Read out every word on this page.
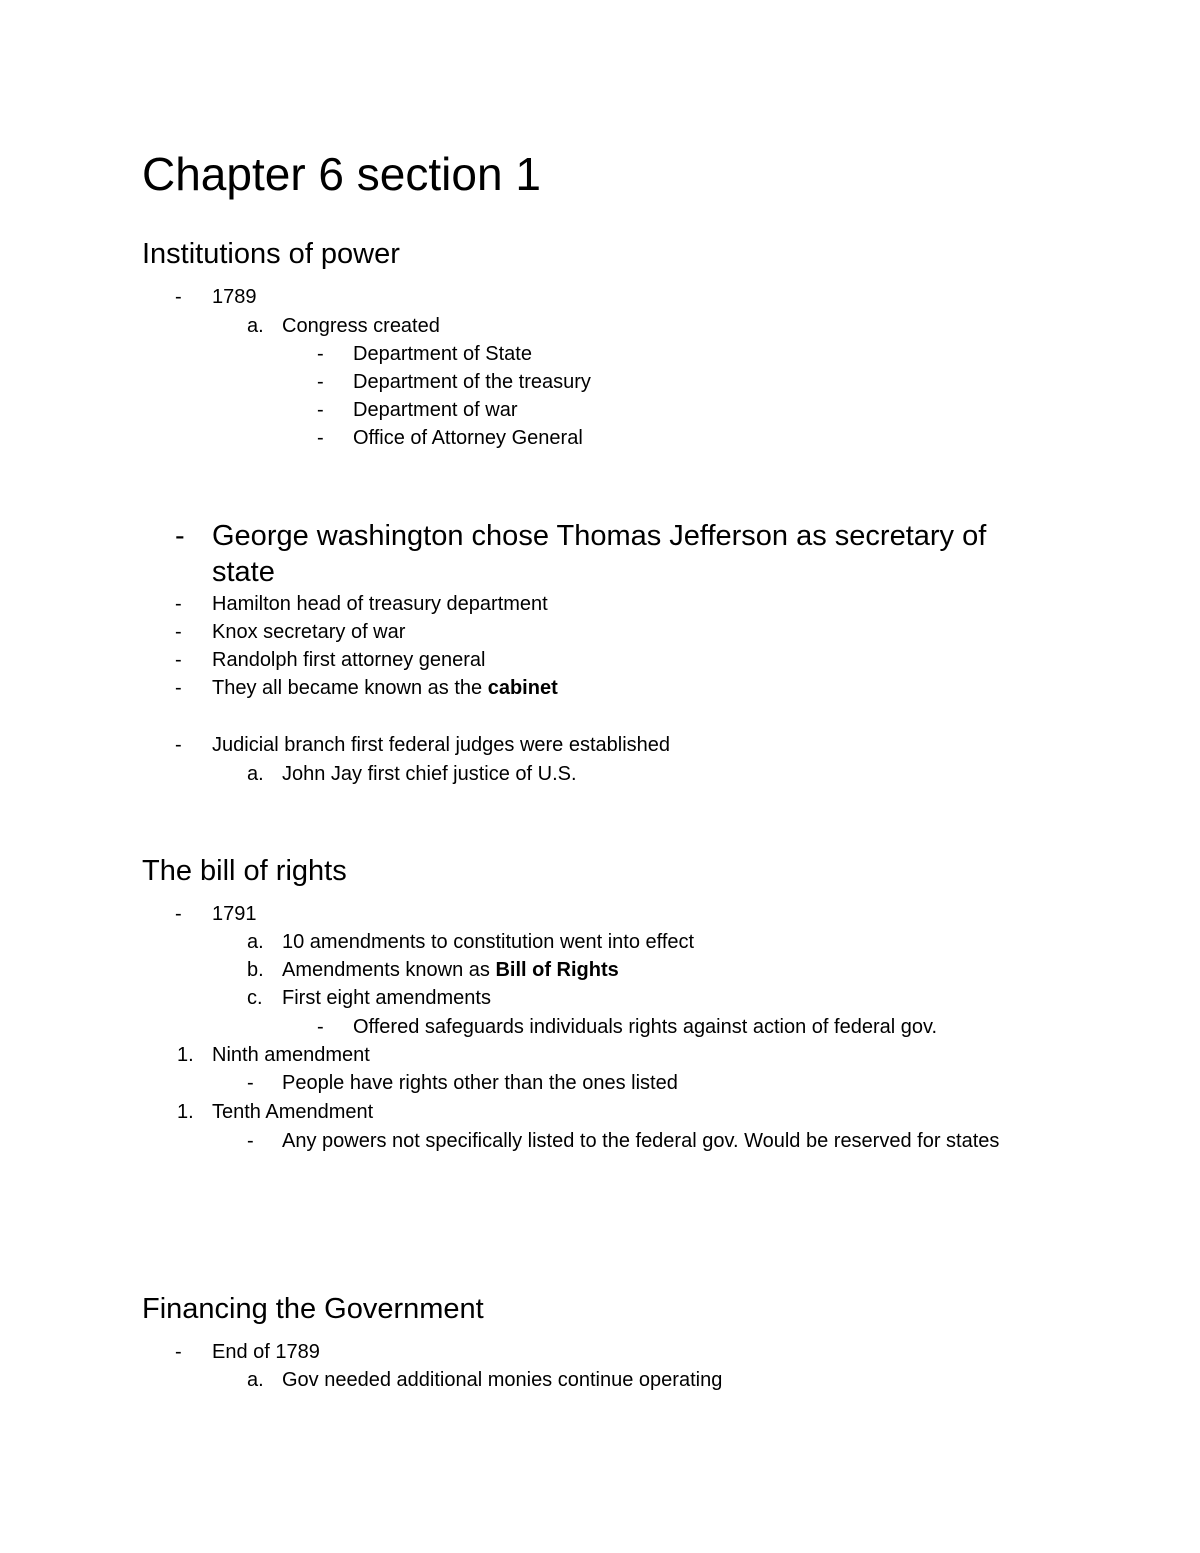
Chapter 6 section 1
Institutions of power
- 1789
a. Congress created
- Department of State
- Department of the treasury
- Department of war
- Office of Attorney General
- George washington chose Thomas Jefferson as secretary of
state
- Hamilton head of treasury department
- Knox secretary of war
- Randolph first attorney general
- They all became known as the cabinet
- Judicial branch first federal judges were established
a. John Jay first chief justice of U.S.
The bill of rights
- 1791
a. 10 amendments to constitution went into effect
b. Amendments known as Bill of Rights
c. First eight amendments
- Offered safeguards individuals rights against action of federal gov.
1. Ninth amendment
- People have rights other than the ones listed
1. Tenth Amendment
- Any powers not specifically listed to the federal gov. Would be reserved for states
Financing the Government
- End of 1789
a. Gov needed additional monies continue operating
